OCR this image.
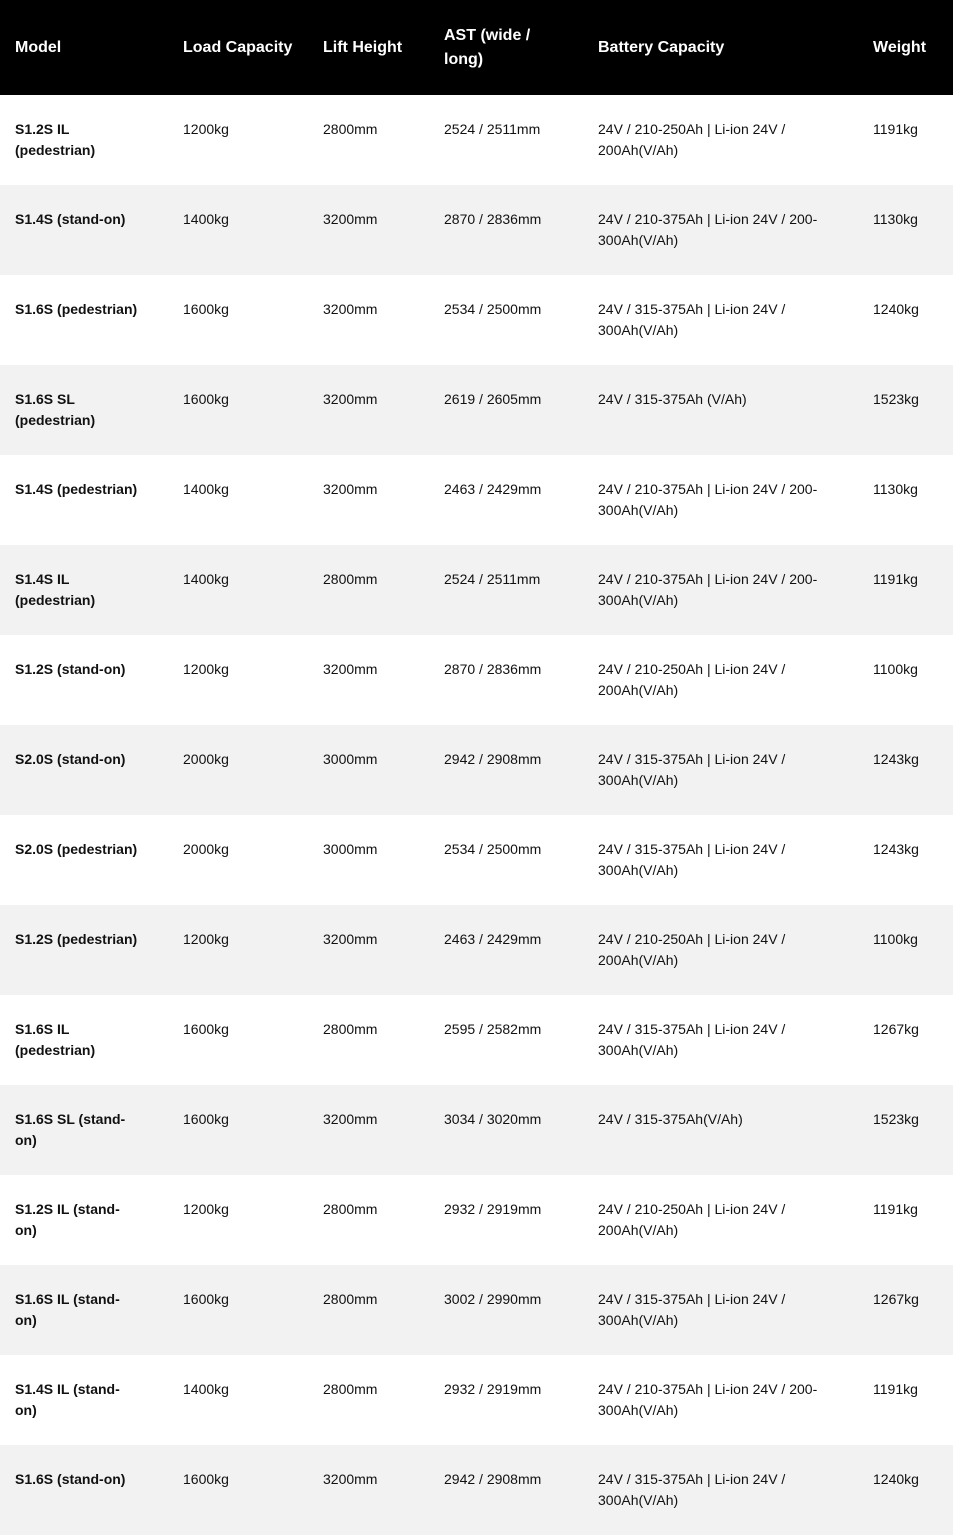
Model	Load Capacity	Lift Height	AST (wide / long)	Battery Capacity	Weight
S1.2S IL (pedestrian)	1200kg	2800mm	2524 / 2511mm	24V / 210-250Ah | Li-ion 24V / 200Ah(V/Ah)	1191kg
S1.4S (stand-on)	1400kg	3200mm	2870 / 2836mm	24V / 210-375Ah | Li-ion 24V / 200-300Ah(V/Ah)	1130kg
S1.6S (pedestrian)	1600kg	3200mm	2534 / 2500mm	24V / 315-375Ah | Li-ion 24V / 300Ah(V/Ah)	1240kg
S1.6S SL (pedestrian)	1600kg	3200mm	2619 / 2605mm	24V / 315-375Ah (V/Ah)	1523kg
S1.4S (pedestrian)	1400kg	3200mm	2463 / 2429mm	24V / 210-375Ah | Li-ion 24V / 200-300Ah(V/Ah)	1130kg
S1.4S IL (pedestrian)	1400kg	2800mm	2524 / 2511mm	24V / 210-375Ah | Li-ion 24V / 200-300Ah(V/Ah)	1191kg
S1.2S (stand-on)	1200kg	3200mm	2870 / 2836mm	24V / 210-250Ah | Li-ion 24V / 200Ah(V/Ah)	1100kg
S2.0S (stand-on)	2000kg	3000mm	2942 / 2908mm	24V / 315-375Ah | Li-ion 24V / 300Ah(V/Ah)	1243kg
S2.0S (pedestrian)	2000kg	3000mm	2534 / 2500mm	24V / 315-375Ah | Li-ion 24V / 300Ah(V/Ah)	1243kg
S1.2S (pedestrian)	1200kg	3200mm	2463 / 2429mm	24V / 210-250Ah | Li-ion 24V / 200Ah(V/Ah)	1100kg
S1.6S IL (pedestrian)	1600kg	2800mm	2595 / 2582mm	24V / 315-375Ah | Li-ion 24V / 300Ah(V/Ah)	1267kg
S1.6S SL (stand-on)	1600kg	3200mm	3034 / 3020mm	24V / 315-375Ah(V/Ah)	1523kg
S1.2S IL (stand-on)	1200kg	2800mm	2932 / 2919mm	24V / 210-250Ah | Li-ion 24V / 200Ah(V/Ah)	1191kg
S1.6S IL (stand-on)	1600kg	2800mm	3002 / 2990mm	24V / 315-375Ah | Li-ion 24V / 300Ah(V/Ah)	1267kg
S1.4S IL (stand-on)	1400kg	2800mm	2932 / 2919mm	24V / 210-375Ah | Li-ion 24V / 200-300Ah(V/Ah)	1191kg
S1.6S (stand-on)	1600kg	3200mm	2942 / 2908mm	24V / 315-375Ah | Li-ion 24V / 300Ah(V/Ah)	1240kg
